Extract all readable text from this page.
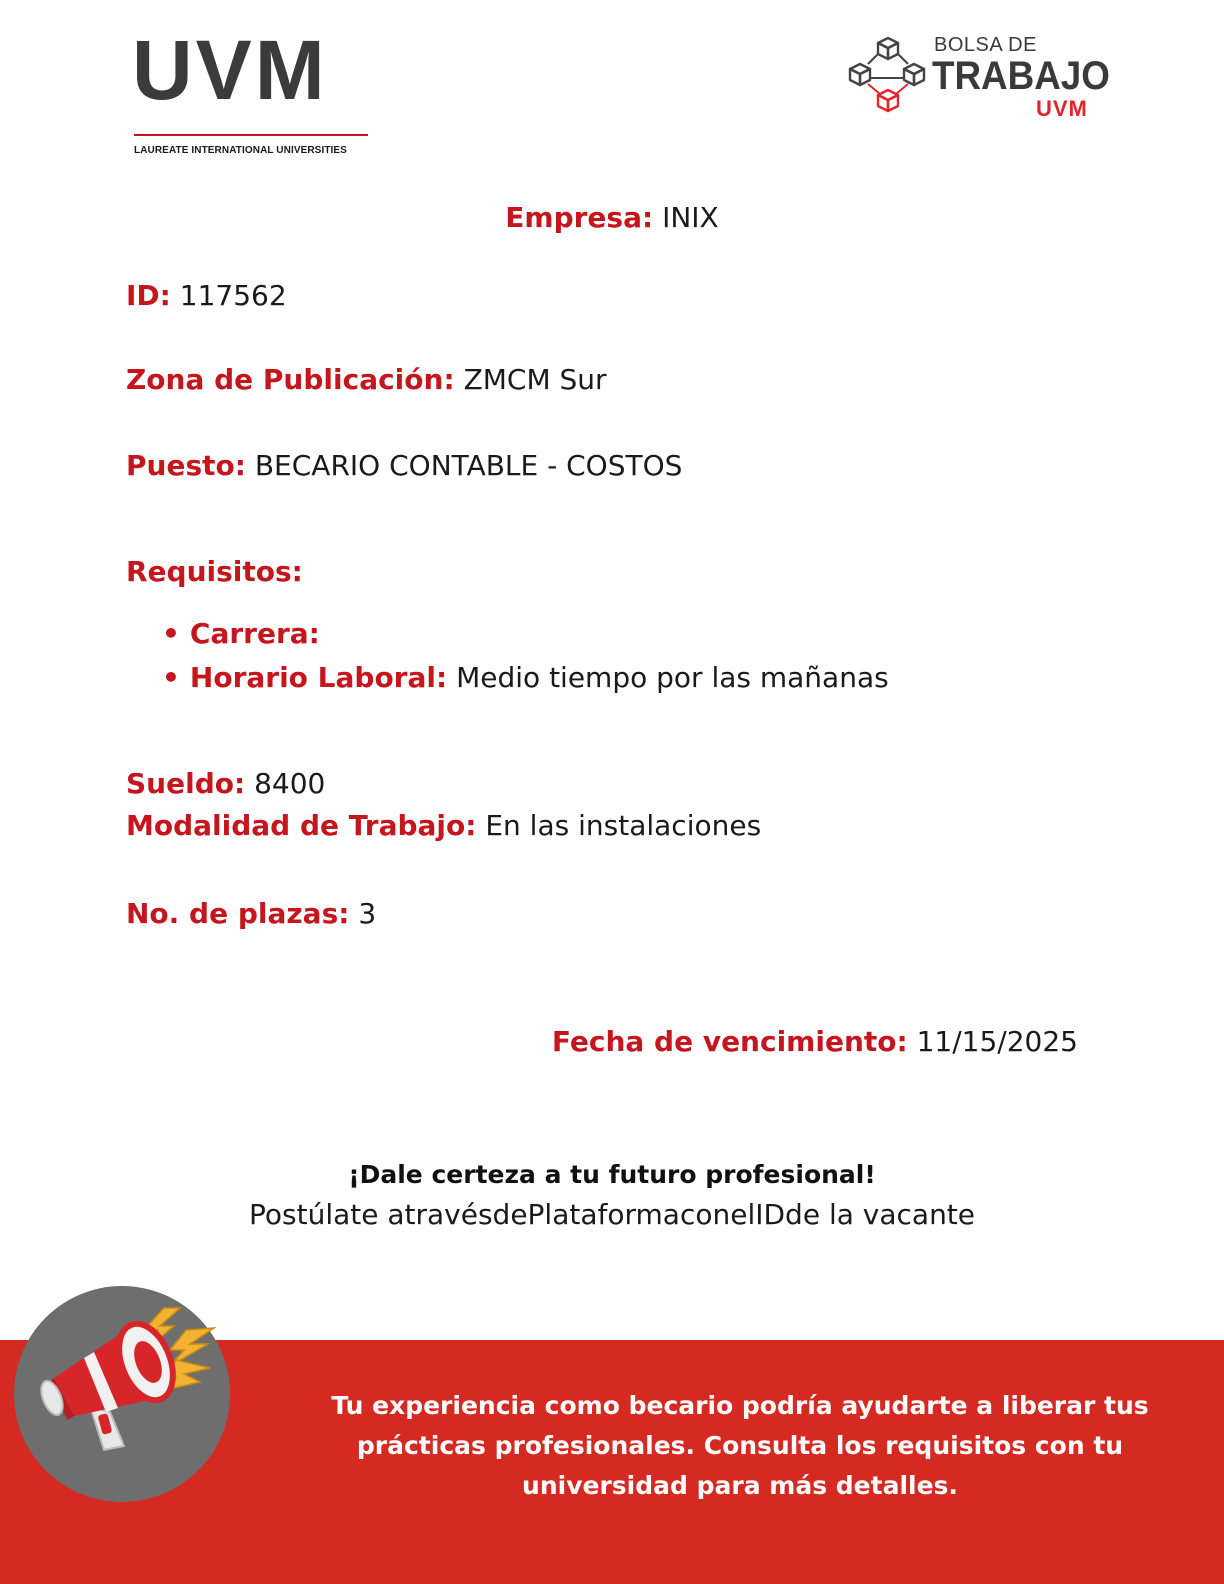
UVM
LAUREATE INTERNATIONAL UNIVERSITIES
BOLSA DE
TRABAJO
UVM
Empresa: INIX
ID: 117562
Zona de Publicación: ZMCM Sur
Puesto: BECARIO CONTABLE - COSTOS
Requisitos:
• Carrera:
• Horario Laboral: Medio tiempo por las mañanas
Sueldo: 8400
Modalidad de Trabajo: En las instalaciones
No. de plazas: 3
Fecha de vencimiento: 11/15/2025
¡Dale certeza a tu futuro profesional!
Postúlate atravésdePlataformaconelIDde la vacante
Tu experiencia como becario podría ayudarte a liberar tus prácticas profesionales. Consulta los requisitos con tu universidad para más detalles.
